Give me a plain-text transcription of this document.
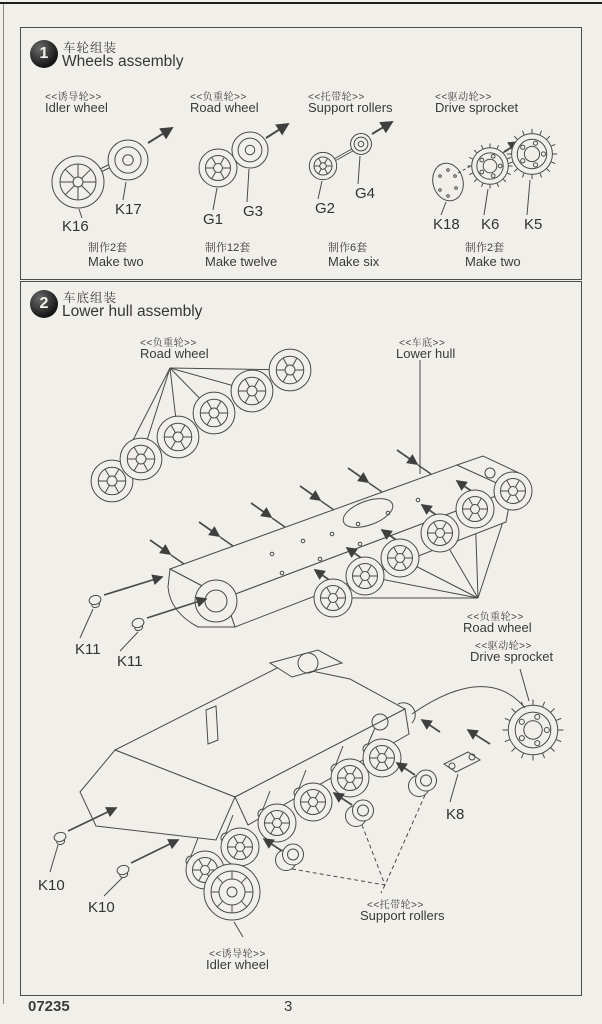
1 车轮组装
Wheels assembly
<<诱导轮>>
Idler wheel
<<负重轮>>
Road wheel
<<托带轮>>
Support rollers
<<驱动轮>>
Drive sprocket
K16
K17
G1 G3	G2
G4
K18 K6 K5
制作2套
Make two
制作12套
Make twelve
制作6套
Make six
制作2套
Make two
2 车底组装
Lower hull assembly
<<负重轮>>
Road wheel
<<车底>>
Lower hull
K11
K11
<<负重轮>>
Road wheel
<<驱动轮>>
Drive sprocket
K8
K10
K10	<<托带轮>>
Support rollers
<<诱导轮>>
Idler wheel
07235	3
